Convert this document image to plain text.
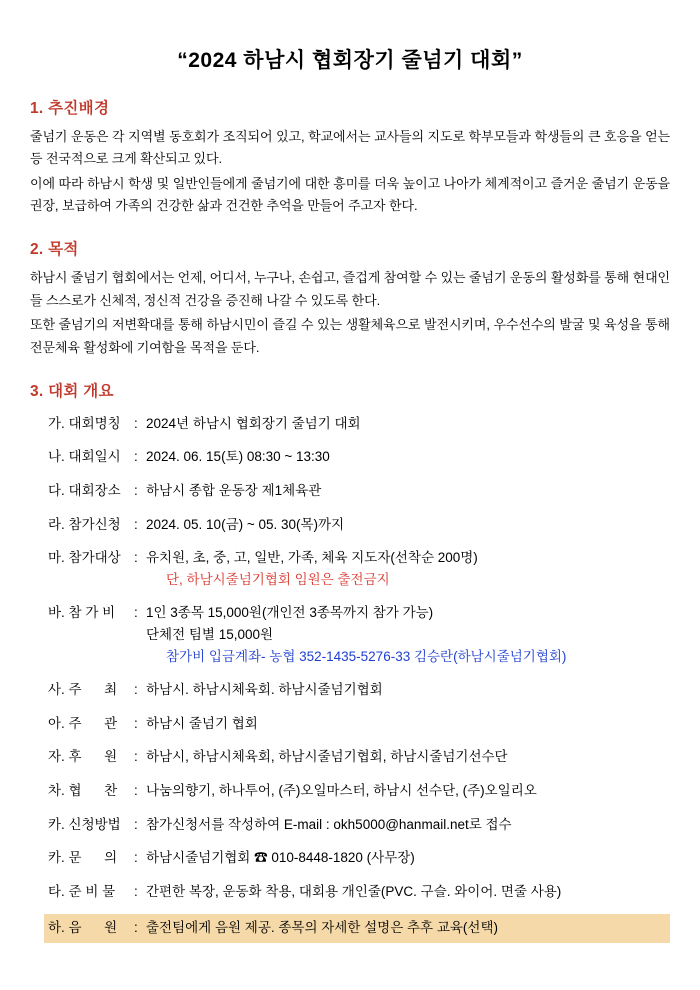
“2024 하남시 협회장기 줄넘기 대회”
1. 추진배경

줄넘기 운동은 각 지역별 동호회가 조직되어 있고, 학교에서는 교사들의 지도로 학부모들과 학생들의 큰 호응을 얻는 등 전국적으로 크게 확산되고 있다.

이에 따라 하남시 학생 및 일반인들에게 줄넘기에 대한 흥미를 더욱 높이고 나아가 체계적이고 즐거운 줄넘기 운동을 권장, 보급하여 가족의 건강한 삶과 건건한 추억을 만들어 주고자 한다.

2. 목적

하남시 줄넘기 협회에서는 언제, 어디서, 누구나, 손쉽고, 즐겁게 참여할 수 있는 줄넘기 운동의 활성화를 통해 현대인들 스스로가 신체적, 정신적 건강을 증진해 나갈 수 있도록 한다.

또한 줄넘기의 저변확대를 통해 하남시민이 즐길 수 있는 생활체육으로 발전시키며, 우수선수의 발굴 및 육성을 통해 전문체육 활성화에 기여함을 목적을 둔다.

3. 대회 개요
가. 대회명칭 : 2024년 하남시 협회장기 줄넘기 대회
나. 대회일시 : 2024. 06. 15(토) 08:30 ~ 13:30
다. 대회장소 : 하남시 종합 운동장 제1체육관
라. 참가신청 : 2024. 05. 10(금) ~ 05. 30(목)까지
마. 참가대상 : 유치원, 초, 중, 고, 일반, 가족, 체육 지도자(선착순 200명)
단, 하남시줄넘기협회 임원은 출전금지
바. 참 가 비	: 1인 3종목 15,000원(개인전 3종목까지 참가 가능)
단체전 팀별 15,000원
참가비 입금계좌- 농협 352-1435-5276-33 김승란(하남시줄넘기협회)
사. 주      최	: 하남시. 하남시체육회. 하남시줄넘기협회
아. 주      관	: 하남시 줄넘기 협회
자. 후      원	: 하남시, 하남시체육회, 하남시줄넘기협회, 하남시줄넘기선수단
차. 협      찬	: 나눔의향기, 하나투어, (주)오일마스터, 하남시 선수단, (주)오일리오
카. 신청방법 : 참가신청서를 작성하여 E-mail : okh5000@hanmail.net로 접수
카. 문      의	: 하남시줄넘기협회 ☎ 010-8448-1820 (사무장)
타. 준 비 물	: 간편한 복장, 운동화 착용, 대회용 개인줄(PVC. 구슬. 와이어. 면줄 사용)
하. 음      원	: 출전팀에게 음원 제공. 종목의 자세한 설명은 추후 교육(선택)
